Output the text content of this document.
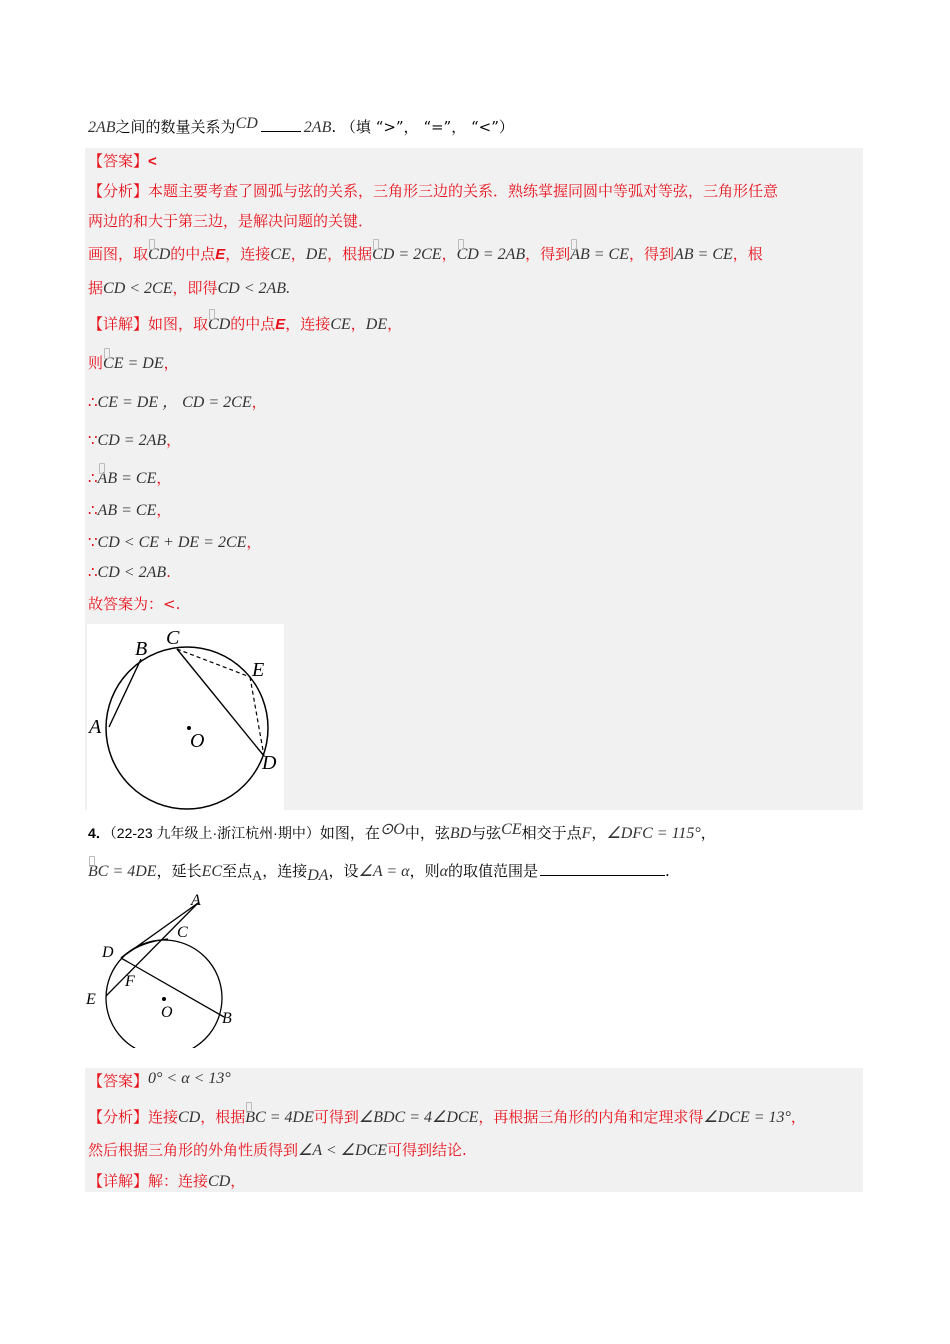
2AB之间的数量关系为CD	2AB. （填 “>”， “=”， “<”）
【答案】<
【分析】本题主要考查了圆弧与弦的关系，三角形三边的关系．熟练掌握同圆中等弧对等弦，三角形任意
两边的和大于第三边，是解决问题的关键．
画图，取CD的中点E，连接CE，DE，根据CD = 2CE，CD = 2AB，得到AB = CE，得到AB = CE，根
据CD < 2CE，即得CD < 2AB.
【详解】如图，取CD的中点E，连接CE，DE，
则CE = DE，
∴CE = DE ， CD = 2CE，
∵CD = 2AB，
∴AB = CE，
∴AB = CE，
∵CD < CE + DE = 2CE，
∴CD < 2AB.
故答案为：<.
A
B C
E
D
O
4．（22-23 九年级上·浙江杭州·期中）如图，在⊙O中，弦BD与弦CE相交于点F，∠DFC = 115°，
BC = 4DE，延长EC至点A，连接DA，设∠A = α，则α的取值范围是	.
A
C
D
F
E
O	B
【答案】0° < α < 13°
【分析】连接CD，根据BC = 4DE可得到∠BDC = 4∠DCE，再根据三角形的内角和定理求得∠DCE = 13°，
然后根据三角形的外角性质得到∠A < ∠DCE可得到结论.
【详解】解：连接CD，
